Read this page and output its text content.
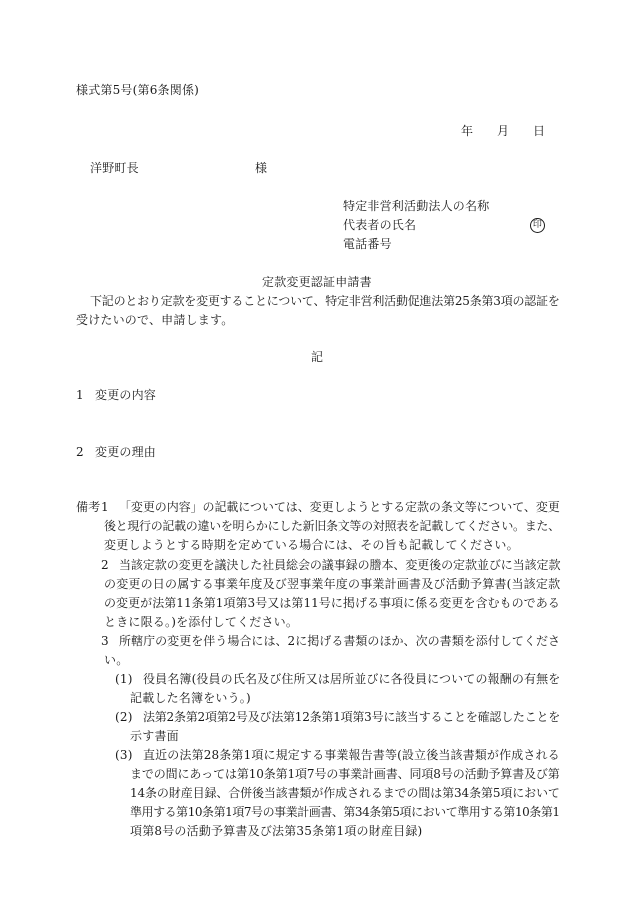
様式第5号(第6条関係)
年 月 日
洋野町長	様
特定非営利活動法人の名称
代表者の氏名	印
電話番号
定款変更認証申請書
下記のとおり定款を変更することについて、特定非営利活動促進法第25条第3項の認証を
受けたいので、申請します。
記
1 変更の内容
2 変更の理由
備考 1 「変更の内容」の記載については、変更しようとする定款の条文等について、変更
後と現行の記載の違いを明らかにした新旧条文等の対照表を記載してください。また、
変更しようとする時期を定めている場合には、その旨も記載してください。
2 当該定款の変更を議決した社員総会の議事録の謄本、変更後の定款並びに当該定款
の変更の日の属する事業年度及び翌事業年度の事業計画書及び活動予算書(当該定款
の変更が法第11条第1項第3号又は第11号に掲げる事項に係る変更を含むものである
ときに限る。)を添付してください。
3 所轄庁の変更を伴う場合には、2に掲げる書類のほか、次の書類を添付してくださ
い。
(1) 役員名簿(役員の氏名及び住所又は居所並びに各役員についての報酬の有無を
記載した名簿をいう。)
(2) 法第2条第2項第2号及び法第12条第1項第3号に該当することを確認したことを
示す書面
(3) 直近の法第28条第1項に規定する事業報告書等(設立後当該書類が作成される
までの間にあっては第10条第1項7号の事業計画書、同項8号の活動予算書及び第
14条の財産目録、合併後当該書類が作成されるまでの間は第34条第5項において
準用する第10条第1項7号の事業計画書、第34条第5項において準用する第10条第1
項第8号の活動予算書及び法第35条第1項の財産目録)
